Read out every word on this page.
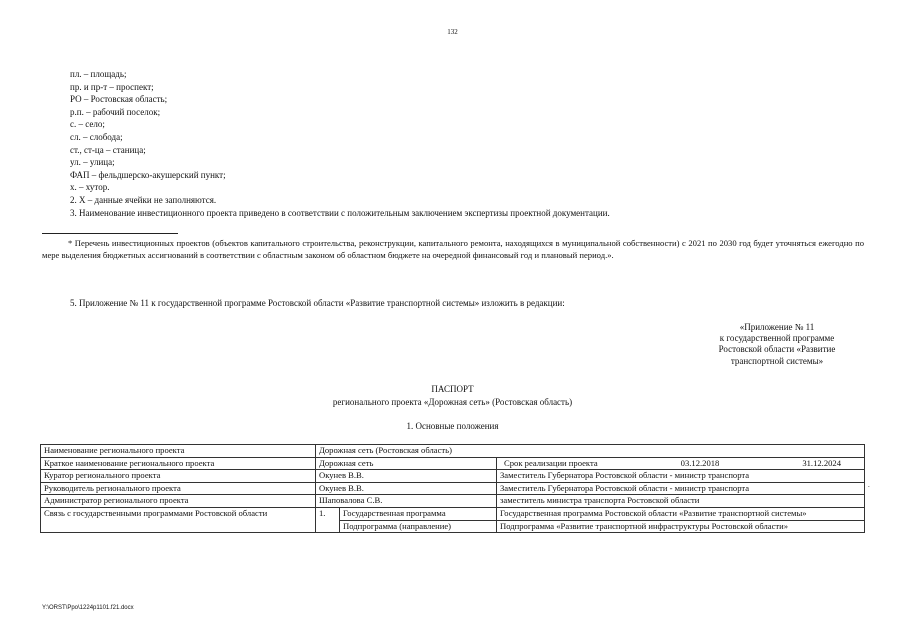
132
пл. – площадь;
пр. и пр-т – проспект;
РО – Ростовская область;
р.п. – рабочий поселок;
с. – село;
сл. – слобода;
ст., ст-ца – станица;
ул. – улица;
ФАП – фельдшерско-акушерский пункт;
х. – хутор.
2. Х – данные ячейки не заполняются.
3. Наименование инвестиционного проекта приведено в соответствии с положительным заключением экспертизы проектной документации.
* Перечень инвестиционных проектов (объектов капитального строительства, реконструкции, капитального ремонта, находящихся в муниципальной собственности) с 2021 по 2030 год будет уточняться ежегодно по мере выделения бюджетных ассигнований в соответствии с областным законом об областном бюджете на очередной финансовый год и плановый период.».
5. Приложение № 11 к государственной программе Ростовской области «Развитие транспортной системы» изложить в редакции:
«Приложение № 11
к государственной программе
Ростовской области «Развитие
транспортной системы»
ПАСПОРТ
регионального проекта «Дорожная сеть» (Ростовская область)
1. Основные положения
Наименование регионального проекта	Дорожная сеть (Ростовская область)		
Краткое наименование регионального проекта	Дорожная сеть		Срок реализации проекта 03.12.2018 31.12.2024

Куратор регионального проекта	Окунев В.В.		Заместитель Губернатора Ростовской области - министр транспорта
Руководитель регионального проекта	Окунев В.В.		Заместитель Губернатора Ростовской области - министр транспорта
Администратор регионального проекта	Шаповалова С.В.		заместитель министра транспорта Ростовской области
Связь с государственными программами Ростовской области	1.	Государственная программа	Государственная программа Ростовской области «Развитие транспортной системы»
		Подпрограмма (направление)	Подпрограмма «Развитие транспортной инфраструктуры Ростовской области»
.
Y:\ORST\Ppo\1224p1101.f21.docx
